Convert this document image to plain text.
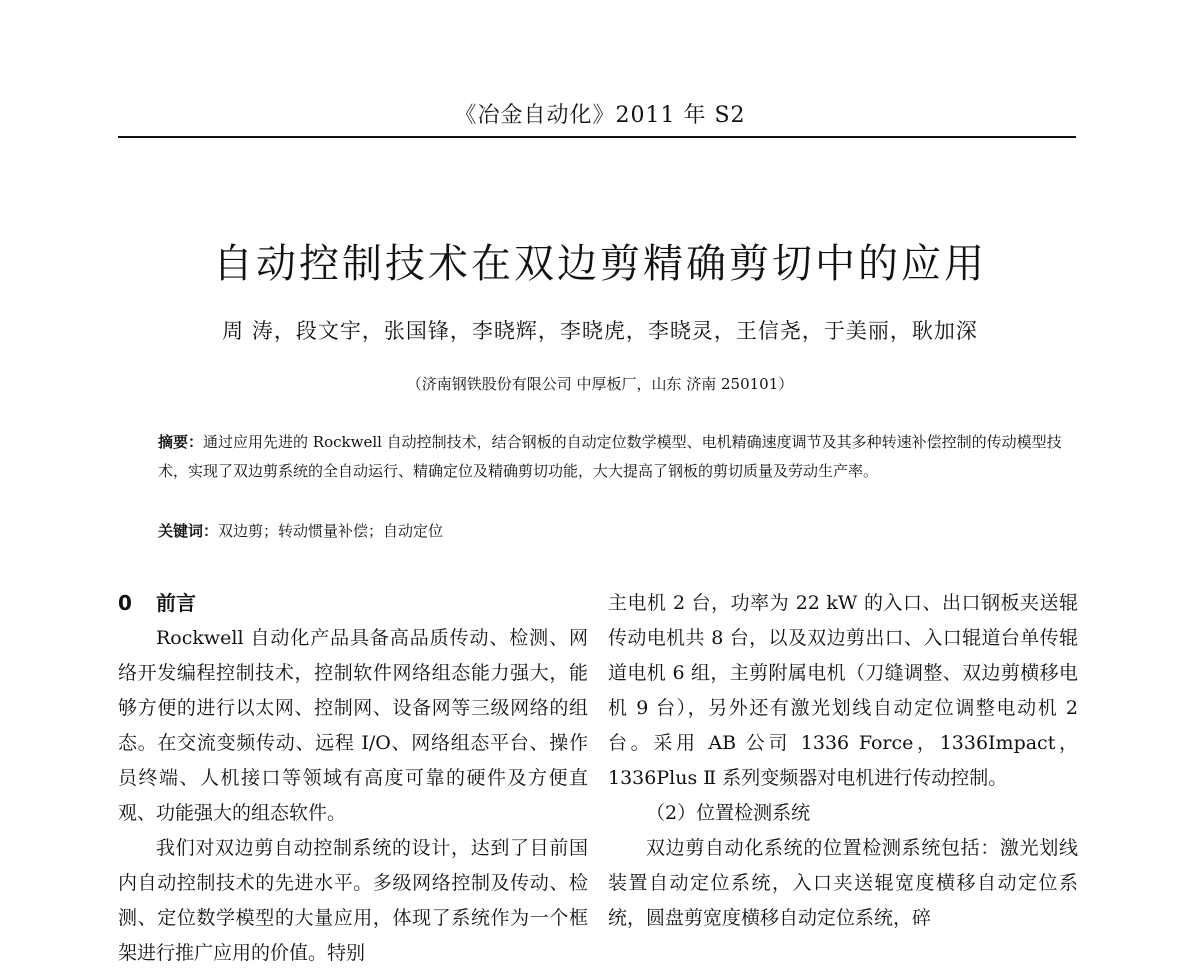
《冶金自动化》2011 年 S2
自动控制技术在双边剪精确剪切中的应用
周 涛，段文宇，张国锋，李晓辉，李晓虎，李晓灵，王信尧，于美丽，耿加深
（济南钢铁股份有限公司 中厚板厂，山东 济南 250101）

摘要：通过应用先进的 Rockwell 自动控制技术，结合钢板的自动定位数学模型、电机精确速度调节及其多种转速补偿控制的传动模型技术，实现了双边剪系统的全自动运行、精确定位及精确剪切功能，大大提高了钢板的剪切质量及劳动生产率。

关键词：双边剪；转动惯量补偿；自动定位
0 前言

Rockwell 自动化产品具备高品质传动、检测、网络开发编程控制技术，控制软件网络组态能力强大，能够方便的进行以太网、控制网、设备网等三级网络的组态。在交流变频传动、远程 I/O、网络组态平台、操作员终端、人机接口等领域有高度可靠的硬件及方便直观、功能强大的组态软件。

我们对双边剪自动控制系统的设计，达到了目前国内自动控制技术的先进水平。多级网络控制及传动、检测、定位数学模型的大量应用，体现了系统作为一个框架进行推广应用的价值。特别

主电机 2 台，功率为 22 kW 的入口、出口钢板夹送辊传动电机共 8 台，以及双边剪出口、入口辊道台单传辊道电机 6 组，主剪附属电机（刀缝调整、双边剪横移电机 9 台），另外还有激光划线自动定位调整电动机 2 台。采用 AB 公司 1336 Force，1336Impact，1336Plus Ⅱ 系列变频器对电机进行传动控制。

（2）位置检测系统

双边剪自动化系统的位置检测系统包括：激光划线装置自动定位系统，入口夹送辊宽度横移自动定位系统，圆盘剪宽度横移自动定位系统，碎
